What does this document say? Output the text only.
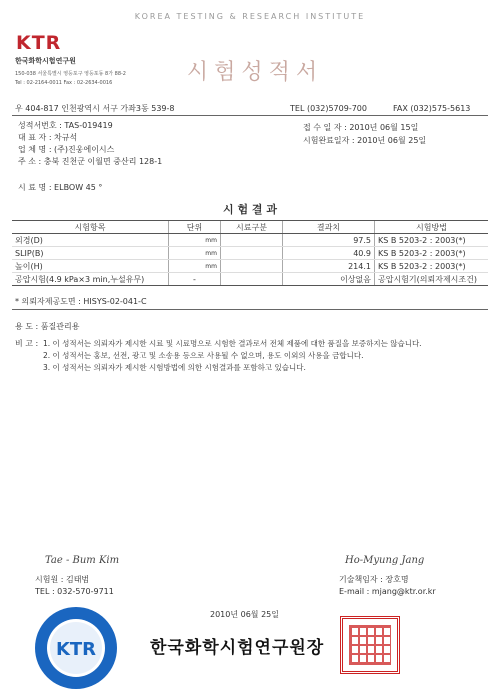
KOREA TESTING & RESEARCH INSTITUTE
KTR
한국화학시험연구원
150-038 서울특별시 영등포구 영등포동 8가 88-2
Tel : 02-2164-0011 Fax : 02-2634-0016	시험성적서
우 404-817 인천광역시 서구 가좌3동 539-8	TEL (032)5709-700	FAX (032)575-5613
성적서번호 : TAS-019419
대 표 자 : 차규석
업 체 명 : (주)진웅에이시스
주 소 : 충북 진천군 이월면 중산리 128-1
접 수 일 자 : 2010년 06월 15일
시험완료일자 : 2010년 06월 25일
시 료 명 : ELBOW 45 °
시 험 결 과
시험항목	단위	시료구분	결과치	시험방법
외경(D)	mm		97.5	KS B 5203-2 : 2003(*)
SLIP(B)	mm		40.9	KS B 5203-2 : 2003(*)
높이(H)	mm		214.1	KS B 5203-2 : 2003(*)
공압시험(4.9 kPa×3 min,누설유무)	-		이상없음	공압시험기(의뢰자제시조건)
* 의뢰자제공도면 : HISYS-02-041-C
용 도 : 품질관리용
비 고 : 1. 이 성적서는 의뢰자가 제시한 시료 및 시료명으로 시험한 결과로서 전체 제품에 대한 품질을 보증하지는 않습니다.
2. 이 성적서는 홍보, 선전, 광고 및 소송용 등으로 사용될 수 없으며, 용도 이외의 사용을 금합니다.
3. 이 성적서는 의뢰자가 제시한 시험방법에 의한 시험결과를 포함하고 있습니다.
Tae - Bum Kim
시험원 : 김태범
TEL : 032-570-9711
Ho-Myung Jang
기술책임자 : 장호명
E-mail : mjang@ktr.or.kr
2010년 06월 25일
KTR	한국화학시험연구원장
